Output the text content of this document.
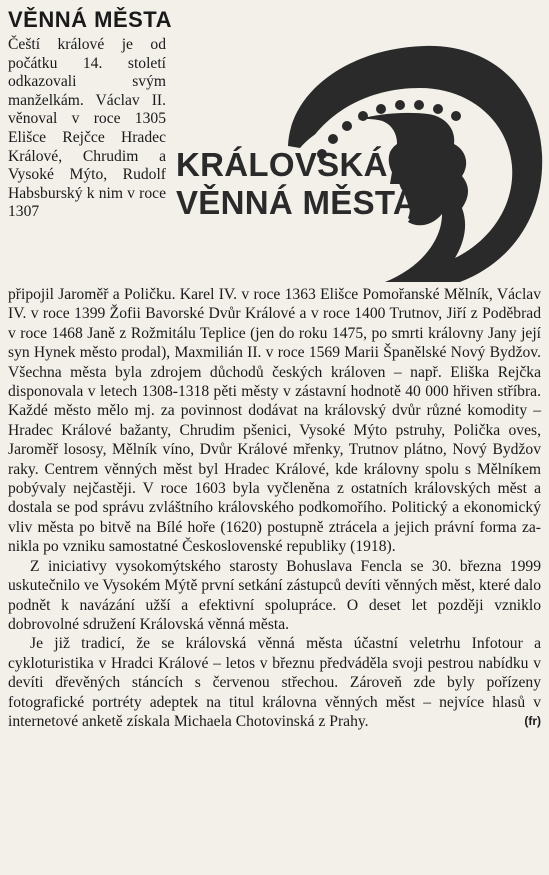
VĚNNÁ MĚSTA
Čeští králové je od počátku 14. století odkazovali svým manželkám. Václav II. věnoval v roce 1305 Elišce Rejčce Hradec Králové, Chrudim a Vysoké Mýto, Rudolf Habsburský k nim v roce 1307
KRÁLOVSKÁ
VĚNNÁ MĚSTA

připojil Jaroměř a Poličku. Karel IV. v roce 1363 Elišce Pomořanské Mělník, Václav IV. v roce 1399 Žofii Bavorské Dvůr Králové a v roce 1400 Trutnov, Jiří z Poděbrad v roce 1468 Janě z Rožmitálu Teplice (jen do roku 1475, po smrti královny Jany její syn Hynek město prodal), Maxmilián II. v roce 1569 Marii Španělské Nový Bydžov. Všechna města byla zdrojem důchodů českých královen – např. Eliška Rejčka disponovala v letech 1308-1318 pěti městy v zástavní hodnotě 40 000 hřiven stříbra. Každé město mělo mj. za povinnost dodávat na královský dvůr různé komodity – Hradec Králové bažanty, Chrudim pšenici, Vysoké Mýto pstruhy, Polička oves, Jaroměř lososy, Mělník víno, Dvůr Králové mřenky, Trutnov plátno, Nový Bydžov raky. Centrem věnných měst byl Hradec Králové, kde královny spolu s Mělníkem pobývaly nejčastěji. V roce 1603 byla vyčleněna z ostatních královských měst a dostala se pod správu zvláštního královského podkomořího. Politický a ekonomický vliv města po bitvě na Bílé hoře (1620) postupně ztrácela a jejich právní forma zanikla po vzniku samostatné Československé republiky (1918).

Z iniciativy vysokomýtského starosty Bohuslava Fencla se 30. března 1999 uskutečnilo ve Vysokém Mýtě první setkání zástupců devíti věnných měst, které dalo podnět k navázání užší a efektivní spolupráce. O deset let později vzniklo dobrovolné sdružení Královská věnná města.

Je již tradicí, že se královská věnná města účastní veletrhu Infotour a cykloturistika v Hradci Králové – letos v březnu předváděla svoji pestrou nabídku v devíti dřevěných stáncích s červenou střechou. Zároveň zde byly pořízeny fotografické portréty adeptek na titul královna věnných měst – nejvíce hlasů v internetové anketě získala Michaela Chotovinská z Prahy.	(fr)
